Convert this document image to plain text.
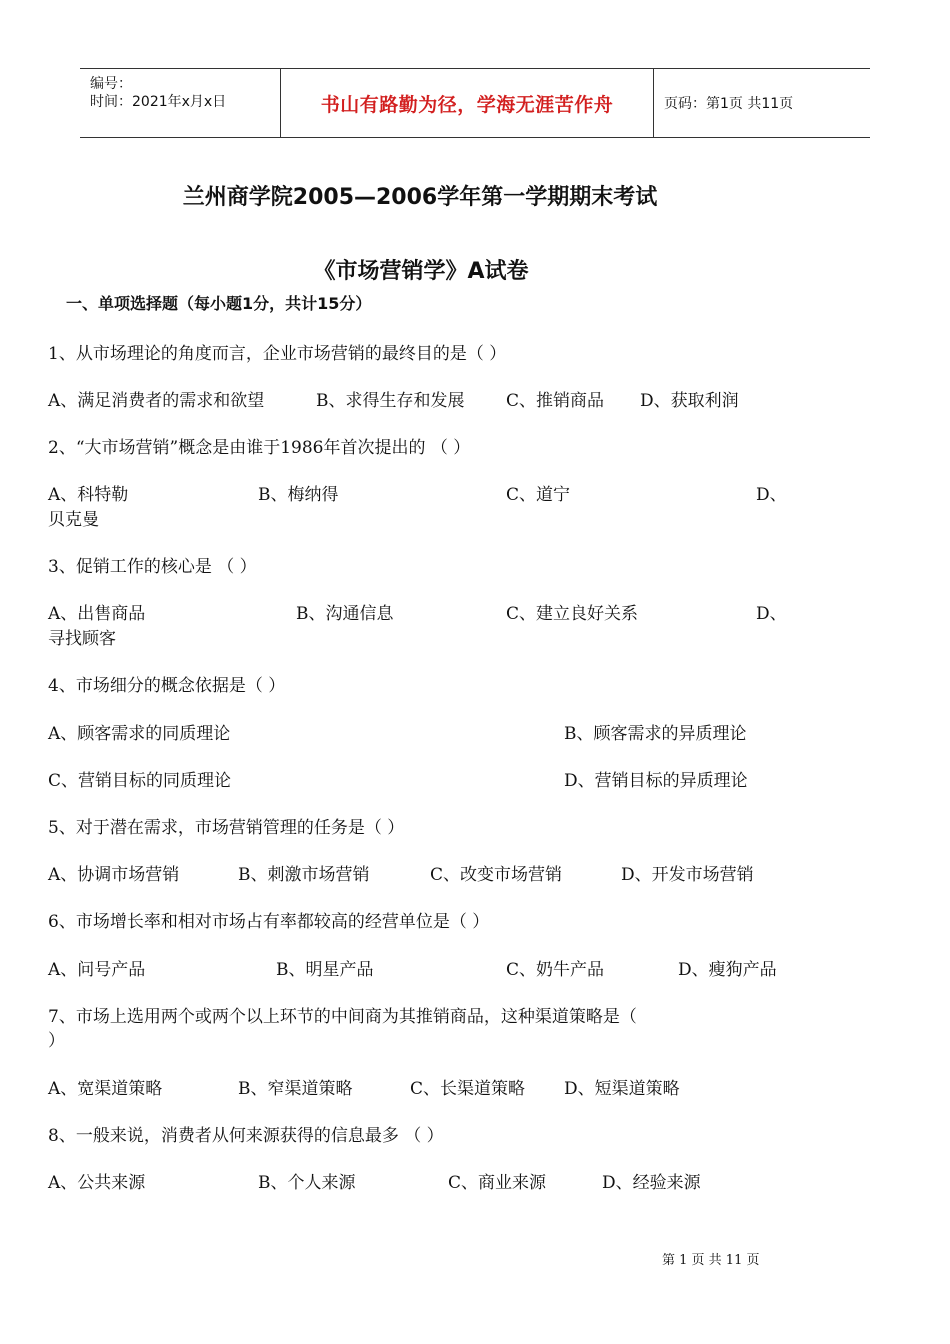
编号：
时间：2021年x月x日	书山有路勤为径，学海无涯苦作舟	页码：第1页 共11页
兰州商学院2005—2006学年第一学期期末考试
《市场营销学》A试卷
一、单项选择题（每小题1分，共计15分）
1、从市场理论的角度而言，企业市场营销的最终目的是（ ）
A、满足消费者的需求和欲望	B、求得生存和发展 C、推销商品 D、获取利润
2、“大市场营销”概念是由谁于1986年首次提出的 （ ）
A、科特勒	B、梅纳得	C、道宁	D、
贝克曼
3、促销工作的核心是 （ ）
A、出售商品	B、沟通信息	C、建立良好关系	D、
寻找顾客
4、市场细分的概念依据是（ ）
A、顾客需求的同质理论	B、顾客需求的异质理论
C、营销目标的同质理论	D、营销目标的异质理论
5、对于潜在需求，市场营销管理的任务是（ ）
A、协调市场营销	B、刺激市场营销	C、改变市场营销	D、开发市场营销
6、市场增长率和相对市场占有率都较高的经营单位是（ ）
A、问号产品	B、明星产品	C、奶牛产品	D、瘦狗产品
7、市场上选用两个或两个以上环节的中间商为其推销商品，这种渠道策略是（
）
A、宽渠道策略	B、窄渠道策略	C、长渠道策略 D、短渠道策略
8、一般来说，消费者从何来源获得的信息最多 （ ）
A、公共来源	B、个人来源	C、商业来源	D、经验来源
第 1 页 共 11 页
